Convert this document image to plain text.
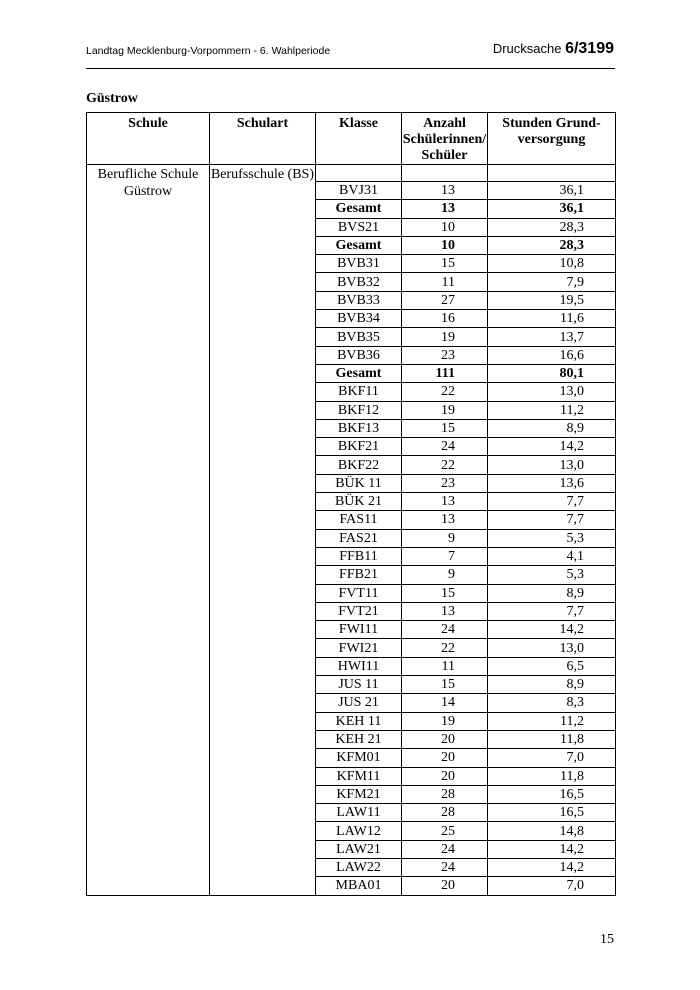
Landtag Mecklenburg-Vorpommern - 6. Wahlperiode	Drucksache 6/3199
Güstrow
Schule	Schulart	Klasse	Anzahl Schülerinnen/ Schüler	Stunden Grund-versorgung
Berufliche Schule Güstrow	Berufsschule (BS)			
		BVJ31	13	36,1
		Gesamt	13	36,1
		BVS21	10	28,3
		Gesamt	10	28,3
		BVB31	15	10,8
		BVB32	11	7,9
		BVB33	27	19,5
		BVB34	16	11,6
		BVB35	19	13,7
		BVB36	23	16,6
		Gesamt	111	80,1
		BKF11	22	13,0
		BKF12	19	11,2
		BKF13	15	8,9
		BKF21	24	14,2
		BKF22	22	13,0
		BÜK 11	23	13,6
		BÜK 21	13	7,7
		FAS11	13	7,7
		FAS21	9	5,3
		FFB11	7	4,1
		FFB21	9	5,3
		FVT11	15	8,9
		FVT21	13	7,7
		FWI11	24	14,2
		FWI21	22	13,0
		HWI11	11	6,5
		JUS 11	15	8,9
		JUS 21	14	8,3
		KEH 11	19	11,2
		KEH 21	20	11,8
		KFM01	20	7,0
		KFM11	20	11,8
		KFM21	28	16,5
		LAW11	28	16,5
		LAW12	25	14,8
		LAW21	24	14,2
		LAW22	24	14,2
		MBA01	20	7,0
15
